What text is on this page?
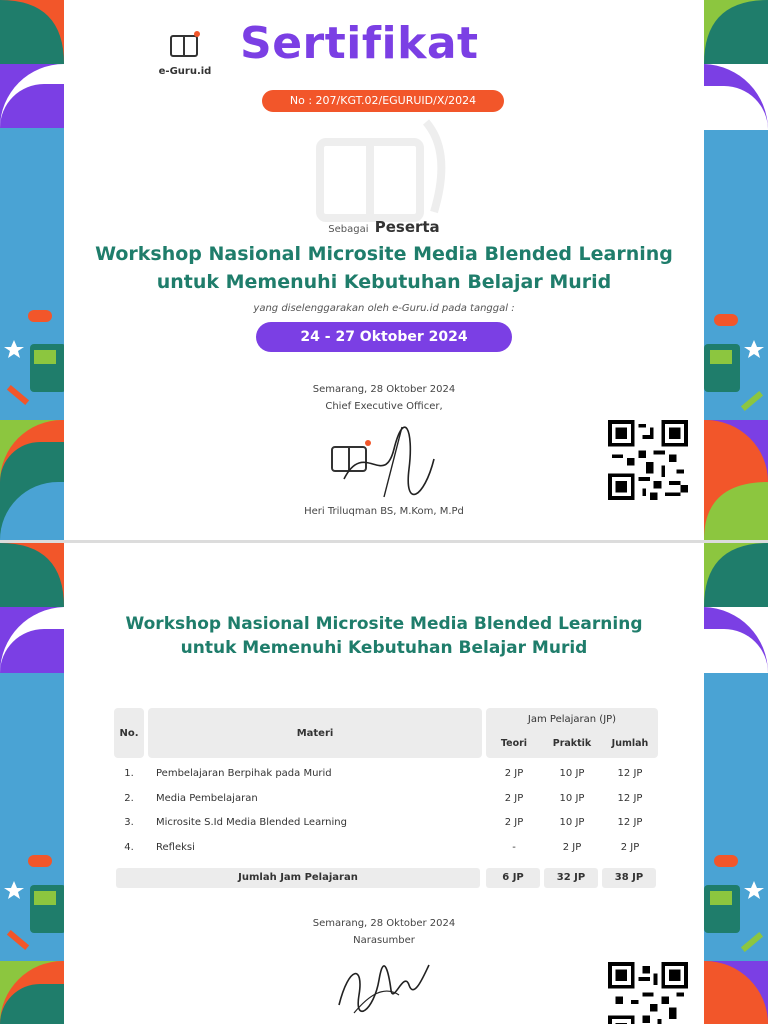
e-Guru.id
Sertifikat
No : 207/KGT.02/EGURUID/X/2024
Sebagai Peserta
Workshop Nasional Microsite Media Blended Learning untuk Memenuhi Kebutuhan Belajar Murid
yang diselenggarakan oleh e-Guru.id pada tanggal :
24 - 27 Oktober 2024
Semarang, 28 Oktober 2024
Chief Executive Officer,
Heri Triluqman BS, M.Kom, M.Pd
Workshop Nasional Microsite Media Blended Learning untuk Memenuhi Kebutuhan Belajar Murid
No.	Materi
Jam Pelajaran (JP)
Teori	Praktik	Jumlah
1.	Pembelajaran Berpihak pada Murid	2 JP	10 JP	12 JP
2.	Media Pembelajaran	2 JP	10 JP	12 JP
3.	Microsite S.Id Media Blended Learning	2 JP	10 JP	12 JP
4.	Refleksi	-	2 JP	2 JP
Jumlah Jam Pelajaran	6 JP	32 JP	38 JP
Semarang, 28 Oktober 2024
Narasumber
